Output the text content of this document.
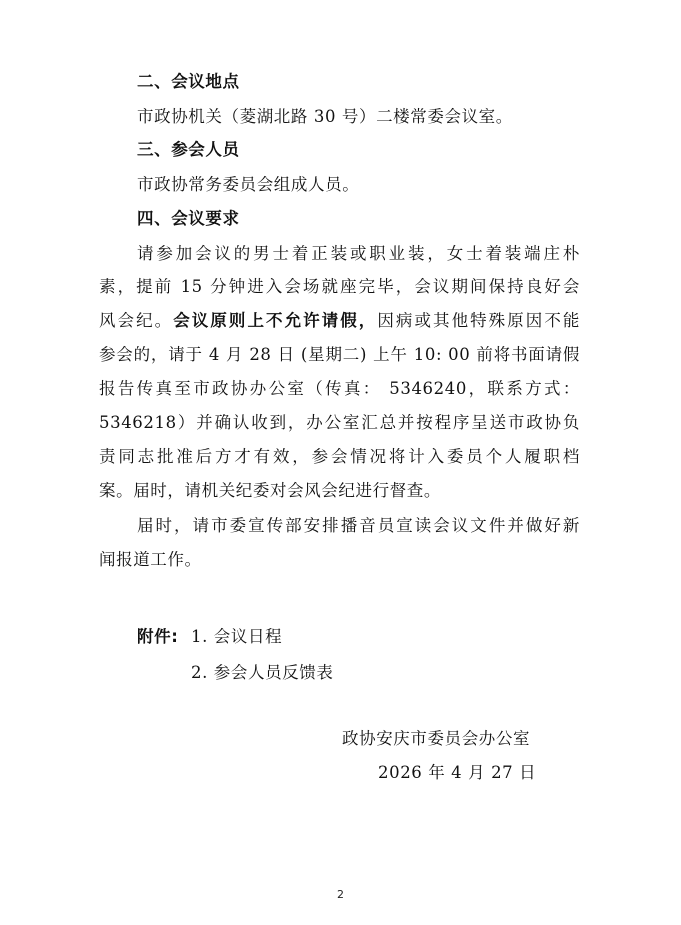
二、会议地点
市政协机关（菱湖北路 30 号）二楼常委会议室。
三、参会人员
市政协常务委员会组成人员。
四、会议要求
请参加会议的男士着正装或职业装，女士着装端庄朴
素，提前 15 分钟进入会场就座完毕，会议期间保持良好会
风会纪。会议原则上不允许请假，因病或其他特殊原因不能
参会的，请于 4 月 28 日 (星期二) 上午 10: 00 前将书面请假
报告传真至市政协办公室（传真： 5346240，联系方式：
5346218）并确认收到，办公室汇总并按程序呈送市政协负
责同志批准后方才有效，参会情况将计入委员个人履职档
案。届时，请机关纪委对会风会纪进行督查。
届时，请市委宣传部安排播音员宣读会议文件并做好新
闻报道工作。
附件: 1. 会议日程
2. 参会人员反馈表
政协安庆市委员会办公室
2026 年 4 月 27 日
2
